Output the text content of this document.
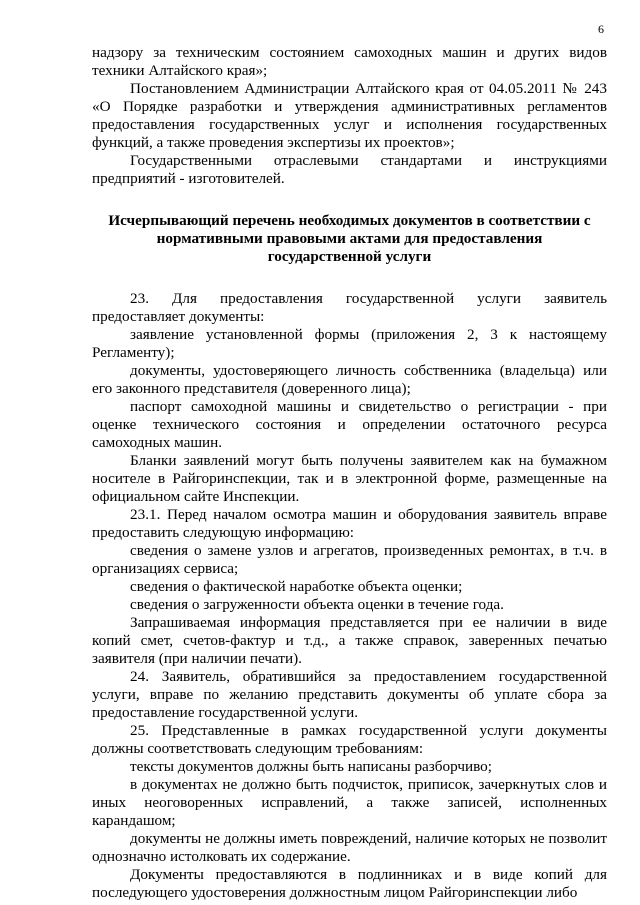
6

надзору за техническим состоянием самоходных машин и других видов техники Алтайского края»;

Постановлением Администрации Алтайского края от 04.05.2011 № 243 «О Порядке разработки и утверждения административных регламентов предоставления государственных услуг и исполнения государственных функций, а также проведения экспертизы их проектов»;

Государственными отраслевыми стандартами и инструкциями предприятий - изготовителей.

Исчерпывающий перечень необходимых документов в соответствии с
нормативными правовыми актами для предоставления
государственной услуги

23. Для предоставления государственной услуги заявитель предоставляет документы:

заявление установленной формы (приложения 2, 3 к настоящему Регламенту);

документы, удостоверяющего личность собственника (владельца) или его законного представителя (доверенного лица);

паспорт самоходной машины и свидетельство о регистрации - при оценке технического состояния и определении остаточного ресурса самоходных машин.

Бланки заявлений могут быть получены заявителем как на бумажном носителе в Райгоринспекции, так и в электронной форме, размещенные на официальном сайте Инспекции.

23.1. Перед началом осмотра машин и оборудования заявитель вправе предоставить следующую информацию:

сведения о замене узлов и агрегатов, произведенных ремонтах, в т.ч. в организациях сервиса;

сведения о фактической наработке объекта оценки;

сведения о загруженности объекта оценки в течение года.

Запрашиваемая информация представляется при ее наличии в виде копий смет, счетов-фактур и т.д., а также справок, заверенных печатью заявителя (при наличии печати).

24. Заявитель, обратившийся за предоставлением государственной услуги, вправе по желанию представить документы об уплате сбора за предоставление государственной услуги.

25. Представленные в рамках государственной услуги документы должны соответствовать следующим требованиям:

тексты документов должны быть написаны разборчиво;

в документах не должно быть подчисток, приписок, зачеркнутых слов и иных неоговоренных исправлений, а также записей, исполненных карандашом;

документы не должны иметь повреждений, наличие которых не позволит однозначно истолковать их содержание.

Документы предоставляются в подлинниках и в виде копий для последующего удостоверения должностным лицом Райгоринспекции либо
